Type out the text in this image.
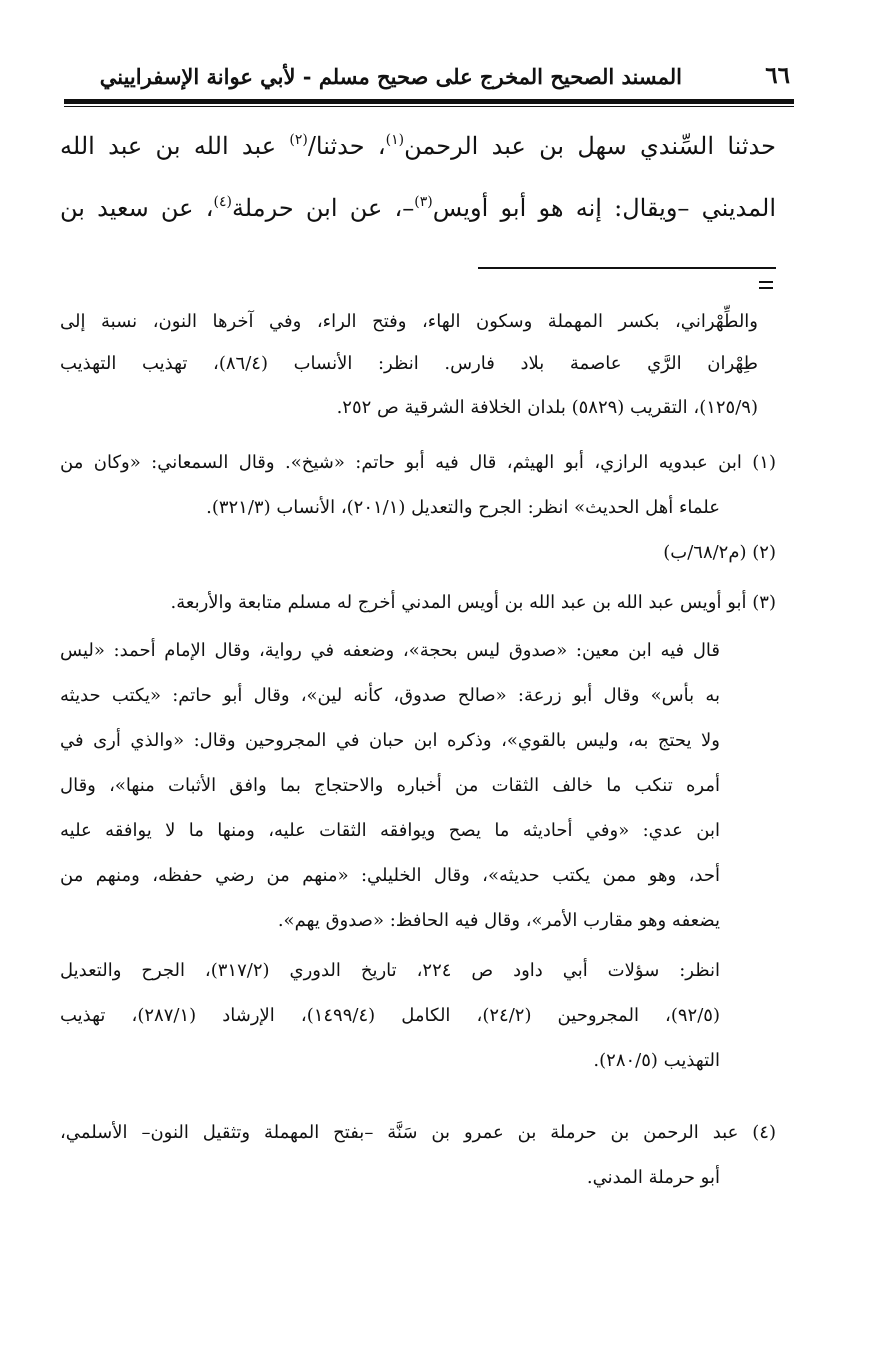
٦٦
المسند الصحيح المخرج على صحيح مسلم - لأبي عوانة الإسفراييني
حدثنا السِّندي سهل بن عبد الرحمن$^{(١)}$، حدثنا/$^{(٢)}$ عبد الله بن عبد الله
المديني –ويقال: إنه هو أبو أويس$^{(٣)}$–، عن ابن حرملة$^{(٤)}$، عن سعيد بن
والطِّهْراني، بكسر المهملة وسكون الهاء، وفتح الراء، وفي آخرها النون، نسبة إلى
طِهْران الرَّي عاصمة بلاد فارس. انظر: الأنساب (٨٦/٤)، تهذيب التهذيب
(١٢٥/٩)، التقريب (٥٨٢٩) بلدان الخلافة الشرقية ص ٢٥٢.
(١) ابن عبدويه الرازي، أبو الهيثم، قال فيه أبو حاتم: «شيخ». وقال السمعاني: «وكان من
علماء أهل الحديث» انظر: الجرح والتعديل (٢٠١/١)، الأنساب (٣٢١/٣).
(٢) (م٦٨/٢/ب)
(٣) أبو أويس عبد الله بن عبد الله بن أويس المدني أخرج له مسلم متابعة والأربعة.
قال فيه ابن معين: «صدوق ليس بحجة»، وضعفه في رواية، وقال الإمام أحمد: «ليس
به بأس» وقال أبو زرعة: «صالح صدوق، كأنه لين»، وقال أبو حاتم: «يكتب حديثه
ولا يحتج به، وليس بالقوي»، وذكره ابن حبان في المجروحين وقال: «والذي أرى في
أمره تنكب ما خالف الثقات من أخباره والاحتجاج بما وافق الأثبات منها»، وقال
ابن عدي: «وفي أحاديثه ما يصح ويوافقه الثقات عليه، ومنها ما لا يوافقه عليه
أحد، وهو ممن يكتب حديثه»، وقال الخليلي: «منهم من رضي حفظه، ومنهم من
يضعفه وهو مقارب الأمر»، وقال فيه الحافظ: «صدوق يهم».
انظر: سؤلات أبي داود ص ٢٢٤، تاريخ الدوري (٣١٧/٢)، الجرح والتعديل
(٩٢/٥)، المجروحين (٢٤/٢)، الكامل (١٤٩٩/٤)، الإرشاد (٢٨٧/١)، تهذيب
التهذيب (٢٨٠/٥).
(٤) عبد الرحمن بن حرملة بن عمرو بن سَنَّة –بفتح المهملة وتثقيل النون– الأسلمي،
أبو حرملة المدني.
